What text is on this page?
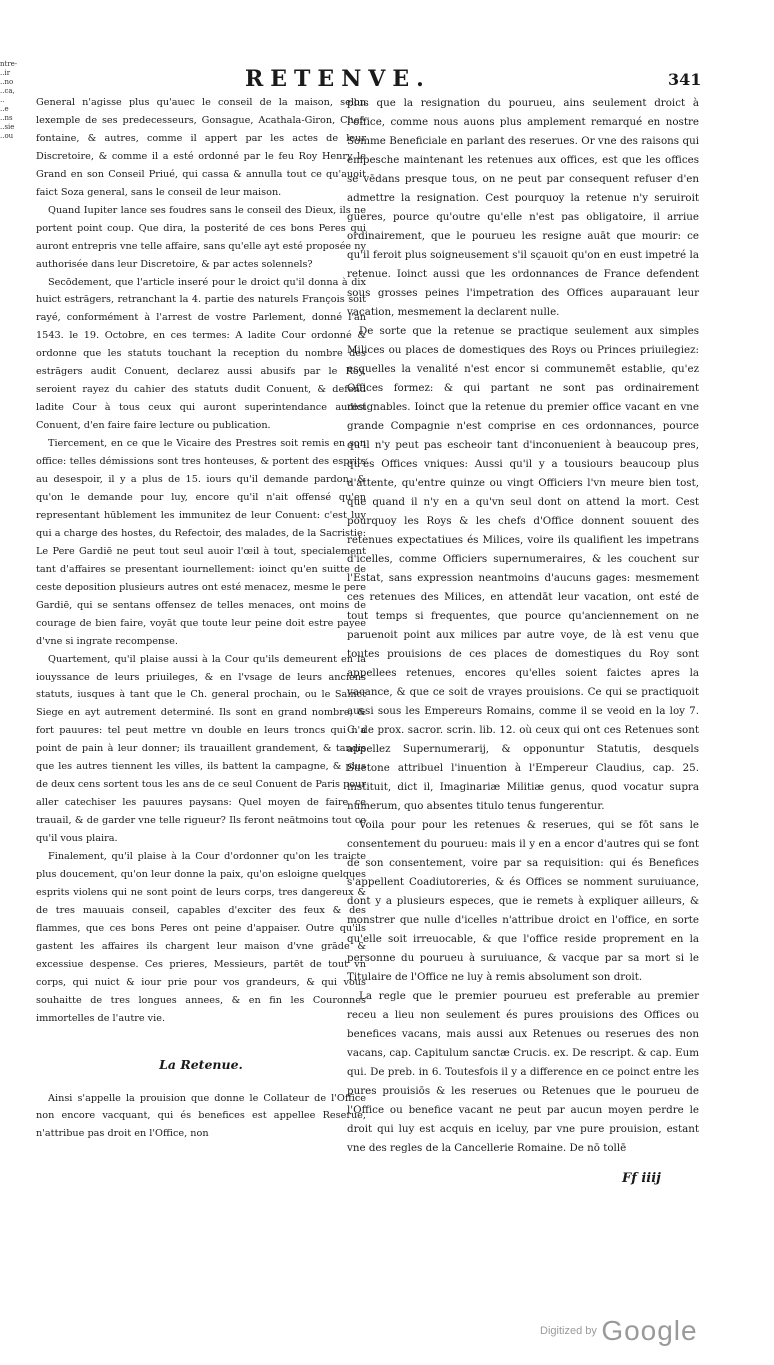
ntre- ..ir ..no ..ca, .. ..e ..ns ..sie ..ou
RETENVE.	341

General n'agisse plus qu'auec le conseil de la maison, selon lexemple de ses predecesseurs, Gonsague, Acathala-Giron, Chef-fontaine, & autres, comme il appert par les actes de leur Discretoire, & comme il a esté ordonné par le feu Roy Henry le Grand en son Conseil Priué, qui cassa & annulla tout ce qu'auoit faict Soza general, sans le conseil de leur maison.

Quand Iupiter lance ses foudres sans le conseil des Dieux, ils ne portent point coup. Que dira, la posterité de ces bons Peres qui auront entrepris vne telle affaire, sans qu'elle ayt esté proposée ny authorisée dans leur Discretoire, & par actes solennels?

Secōdement, que l'article inseré pour le droict qu'il donna à dix huict estrāgers, retranchant la 4. partie des naturels François soit rayé, conformément à l'arrest de vostre Parlement, donné l'an 1543. le 19. Octobre, en ces termes: A ladite Cour ordonné & ordonne que les statuts touchant la reception du nombre des estrāgers audit Conuent, declarez aussi abusifs par le Roy, seroient rayez du cahier des statuts dudit Conuent, & defend ladite Cour à tous ceux qui auront superintendance audict Conuent, d'en faire faire lecture ou publication.

Tiercement, en ce que le Vicaire des Prestres soit remis en son office: telles démissions sont tres honteuses, & portent des esprits au desespoir, il y a plus de 15. iours qu'il demande pardon, & qu'on le demande pour luy, encore qu'il n'ait offensé qu'en representant hūblement les immunitez de leur Conuent: c'est luy qui a charge des hostes, du Refectoir, des malades, de la Sacristie: Le Pere Gardiē ne peut tout seul auoir l'œil à tout, specialement tant d'affaires se presentant iournellement: ioinct qu'en suitte de ceste deposition plusieurs autres ont esté menacez, mesme le pere Gardiē, qui se sentans offensez de telles menaces, ont moins de courage de bien faire, voyāt que toute leur peine doit estre payee d'vne si ingrate recompense.

Quartement, qu'il plaise aussi à la Cour qu'ils demeurent en la iouyssance de leurs priuileges, & en l'vsage de leurs anciens statuts, iusques à tant que le Ch. general prochain, ou le Sainct Siege en ayt autrement determiné. Ils sont en grand nombre, & fort pauures: tel peut mettre vn double en leurs troncs qui n'a point de pain à leur donner; ils trauaillent grandement, & tandis que les autres tiennent les villes, ils battent la campagne, & plus de deux cens sortent tous les ans de ce seul Conuent de Paris pour aller catechiser les pauures paysans: Quel moyen de faire ce trauail, & de garder vne telle rigueur? Ils feront neātmoins tout ce qu'il vous plaira.

Finalement, qu'il plaise à la Cour d'ordonner qu'on les traicte plus doucement, qu'on leur donne la paix, qu'on esloigne quelques esprits violens qui ne sont point de leurs corps, tres dangereux & de tres mauuais conseil, capables d'exciter des feux & des flammes, que ces bons Peres ont peine d'appaiser. Outre qu'ils gastent les affaires ils chargent leur maison d'vne grāde & excessiue despense. Ces prieres, Messieurs, partēt de tout vn corps, qui nuict & iour prie pour vos grandeurs, & qui vous souhaitte de tres longues annees, & en fin les Couronnes immortelles de l'autre vie.

La Retenue.

Ainsi s'appelle la prouision que donne le Collateur de l'Office non encore vacquant, qui és benefices est appellee Reserue, n'attribue pas droit en l'Office, non

plus que la resignation du pourueu, ains seulement droict à l'office, comme nous auons plus amplement remarqué en nostre Somme Beneficiale en parlant des reserues. Or vne des raisons qui empesche maintenant les retenues aux offices, est que les offices se vēdans presque tous, on ne peut par consequent refuser d'en admettre la resignation. Cest pourquoy la retenue n'y seruiroit gueres, pource qu'outre qu'elle n'est pas obligatoire, il arriue ordinairement, que le pourueu les resigne auāt que mourir: ce qu'il feroit plus soigneusement s'il sçauoit qu'on en eust impetré la retenue. Ioinct aussi que les ordonnances de France defendent sous grosses peines l'impetration des Offices auparauant leur vacation, mesmement la declarent nulle.

De sorte que la retenue se practique seulement aux simples Milices ou places de domestiques des Roys ou Princes priuilegiez: esquelles la venalité n'est encor si communemēt establie, qu'ez Offices formez: & qui partant ne sont pas ordinairement resignables. Ioinct que la retenue du premier office vacant en vne grande Compagnie n'est comprise en ces ordonnances, pource qu'il n'y peut pas escheoir tant d'inconuenient à beaucoup pres, qu'és Offices vniques: Aussi qu'il y a tousiours beaucoup plus d'attente, qu'entre quinze ou vingt Officiers l'vn meure bien tost, que quand il n'y en a qu'vn seul dont on attend la mort. Cest pourquoy les Roys & les chefs d'Office donnent souuent des retenues expectatiues és Milices, voire ils qualifient les impetrans d'icelles, comme Officiers supernumeraires, & les couchent sur l'Estat, sans expression neantmoins d'aucuns gages: mesmement ces retenues des Milices, en attendāt leur vacation, ont esté de tout temps si frequentes, que pource qu'anciennement on ne paruenoit point aux milices par autre voye, de là est venu que toutes prouisions de ces places de domestiques du Roy sont appellees retenues, encores qu'elles soient faictes apres la vacance, & que ce soit de vrayes prouisions. Ce qui se practiquoit aussi sous les Empereurs Romains, comme il se veoid en la loy 7. C. de prox. sacror. scrin. lib. 12. où ceux qui ont ces Retenues sont appellez Supernumerarij, & opponuntur Statutis, desquels Suetone attribuel l'inuention à l'Empereur Claudius, cap. 25. instituit, dict il, Imaginariæ Militiæ genus, quod vocatur supra numerum, quo absentes titulo tenus fungerentur.

Voila pour pour les retenues & reserues, qui se fōt sans le consentement du pourueu: mais il y en a encor d'autres qui se font de son consentement, voire par sa requisition: qui és Benefices s'appellent Coadiutoreries, & és Offices se nomment suruiuance, dont y a plusieurs especes, que ie remets à expliquer ailleurs, & monstrer que nulle d'icelles n'attribue droict en l'office, en sorte qu'elle soit irreuocable, & que l'office reside proprement en la personne du pourueu à suruiuance, & vacque par sa mort si le Titulaire de l'Office ne luy à remis absolument son droit.

La regle que le premier pourueu est preferable au premier receu a lieu non seulement és pures prouisions des Offices ou benefices vacans, mais aussi aux Retenues ou reserues des non vacans, cap. Capitulum sanctæ Crucis. ex. De rescript. & cap. Eum qui. De preb. in 6. Toutesfois il y a difference en ce poinct entre les pures prouisiōs & les reserues ou Retenues que le pourueu de l'Office ou benefice vacant ne peut par aucun moyen perdre le droit qui luy est acquis en iceluy, par vne pure prouision, estant vne des regles de la Cancellerie Romaine. De nō tollē

Ff iiij
Digitized by Google
